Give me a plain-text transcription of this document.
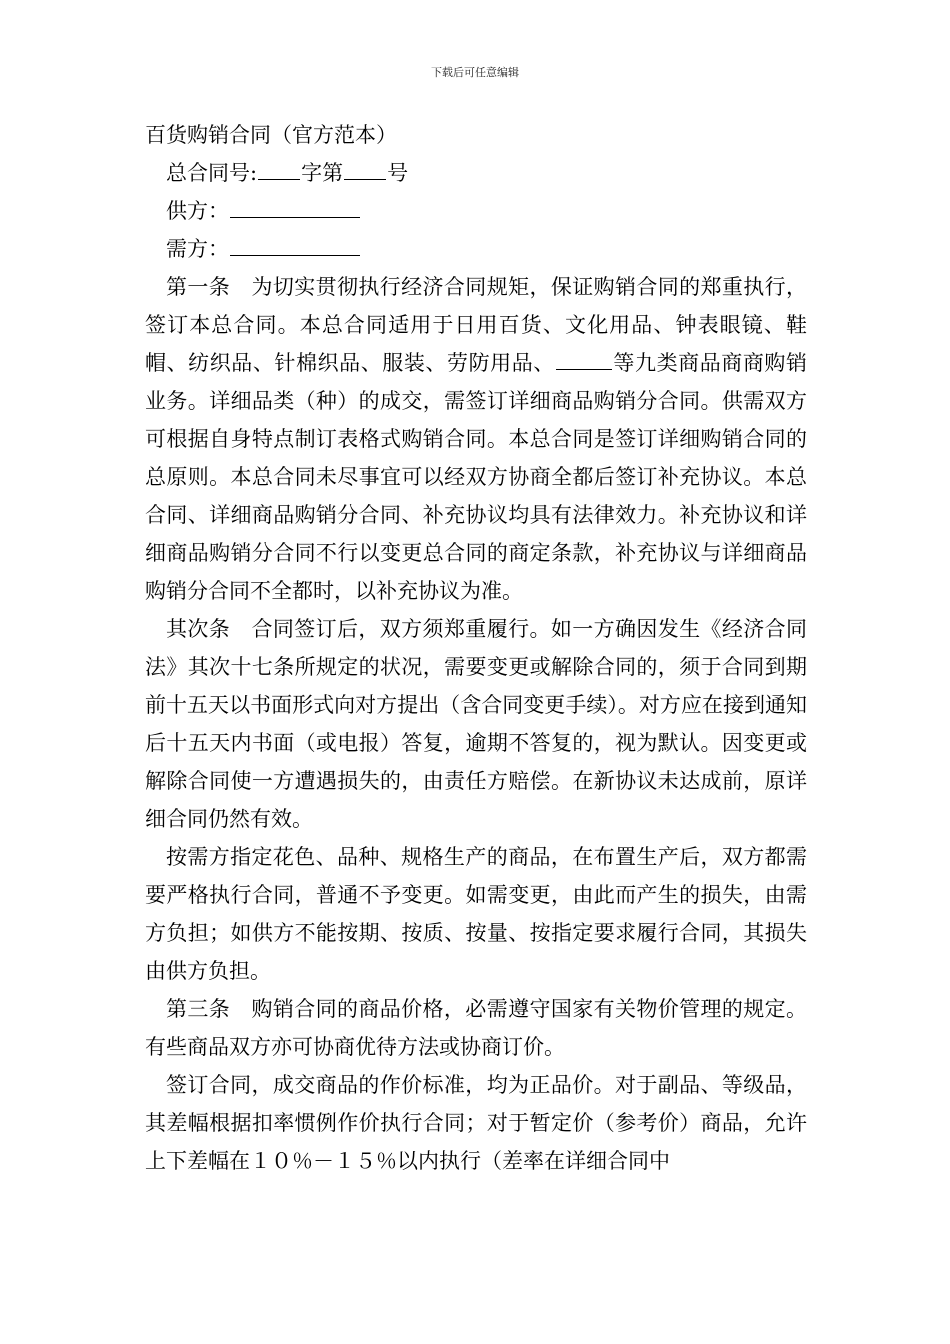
下载后可任意编辑

百货购销合同（官方范本）

总合同号: 字第 号

供方：

需方：

第一条　为切实贯彻执行经济合同规矩，保证购销合同的郑重执行，签订本总合同。本总合同适用于日用百货、文化用品、钟表眼镜、鞋帽、纺织品、针棉织品、服装、劳防用品、	等九类商品商商购销业务。详细品类（种）的成交，需签订详细商品购销分合同。供需双方可根据自身特点制订表格式购销合同。本总合同是签订详细购销合同的总原则。本总合同未尽事宜可以经双方协商全都后签订补充协议。本总合同、详细商品购销分合同、补充协议均具有法律效力。补充协议和详细商品购销分合同不行以变更总合同的商定条款，补充协议与详细商品购销分合同不全都时，以补充协议为准。

其次条　合同签订后，双方须郑重履行。如一方确因发生《经济合同法》其次十七条所规定的状况，需要变更或解除合同的，须于合同到期前十五天以书面形式向对方提出（含合同变更手续）。对方应在接到通知后十五天内书面（或电报）答复，逾期不答复的，视为默认。因变更或解除合同使一方遭遇损失的，由责任方赔偿。在新协议未达成前，原详细合同仍然有效。

按需方指定花色、品种、规格生产的商品，在布置生产后，双方都需要严格执行合同，普通不予变更。如需变更，由此而产生的损失，由需方负担；如供方不能按期、按质、按量、按指定要求履行合同，其损失由供方负担。

第三条　购销合同的商品价格，必需遵守国家有关物价管理的规定。有些商品双方亦可协商优待方法或协商订价。

签订合同，成交商品的作价标准，均为正品价。对于副品、等级品，其差幅根据扣率惯例作价执行合同；对于暂定价（参考价）商品，允许上下差幅在１０％－１５％以内执行（差率在详细合同中
